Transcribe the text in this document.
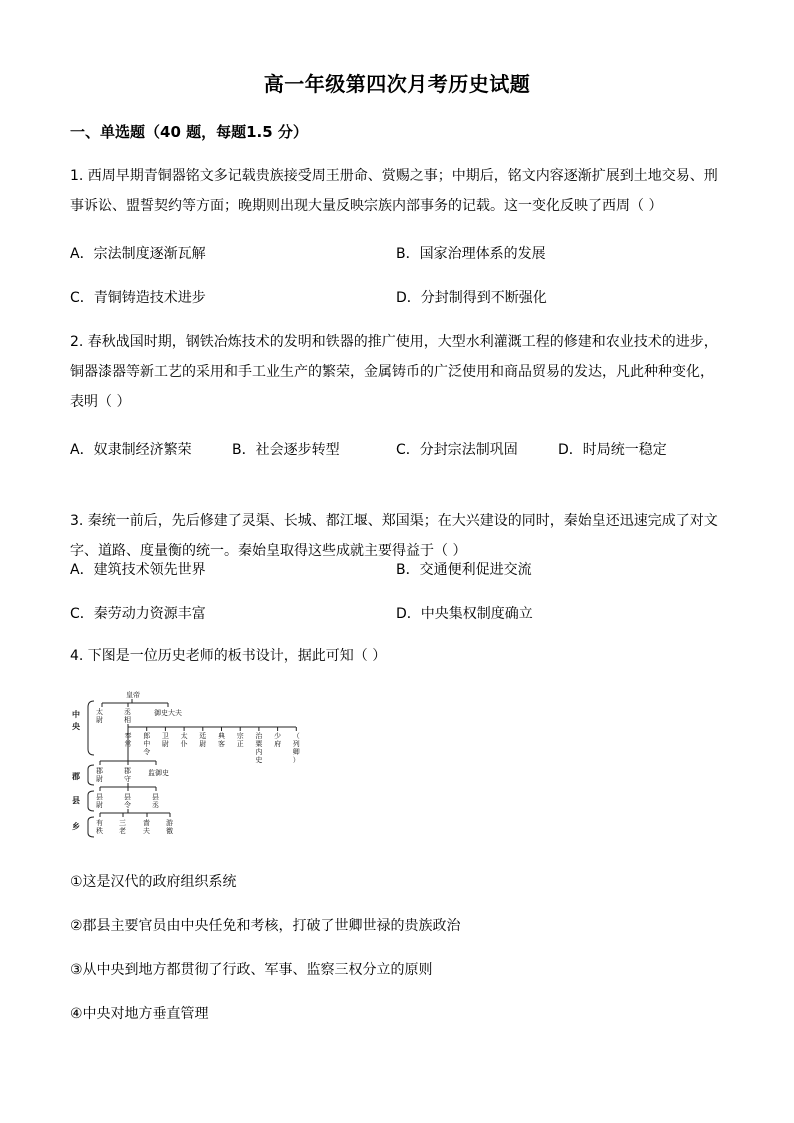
高一年级第四次月考历史试题
一、单选题（40 题，每题1.5 分）
1. 西周早期青铜器铭文多记载贵族接受周王册命、赏赐之事；中期后，铭文内容逐渐扩展到土地交易、刑
事诉讼、盟誓契约等方面；晚期则出现大量反映宗族内部事务的记载。这一变化反映了西周（ ）
A．宗法制度逐渐瓦解	B．国家治理体系的发展
C．青铜铸造技术进步	D．分封制得到不断强化
2. 春秋战国时期，钢铁冶炼技术的发明和铁器的推广使用，大型水利灌溉工程的修建和农业技术的进步，
铜器漆器等新工艺的采用和手工业生产的繁荣，金属铸币的广泛使用和商品贸易的发达，凡此种种变化，
表明（ ）
A．奴隶制经济繁荣	B．社会逐步转型	C．分封宗法制巩固	D．时局统一稳定
3. 秦统一前后，先后修建了灵渠、长城、都江堰、郑国渠；在大兴建设的同时，秦始皇还迅速完成了对文
字、道路、度量衡的统一。秦始皇取得这些成就主要得益于（ ）
A．建筑技术领先世界	B．交通便利促进交流
C．秦劳动力资源丰富	D．中央集权制度确立
4. 下图是一位历史老师的板书设计，据此可知（ ）
中
央
郡
县
乡
皇帝
太
尉
丞
相
御史大夫
奉常
郎中令
卫尉
太仆
廷尉
典客
宗正
治粟内史
少府
（列卿）
郡
尉
郡
守
监御史
县
尉
县
令
县
丞
有
秩
三
老
啬
夫
游
徼
①这是汉代的政府组织系统
②郡县主要官员由中央任免和考核，打破了世卿世禄的贵族政治
③从中央到地方都贯彻了行政、军事、监察三权分立的原则
④中央对地方垂直管理
